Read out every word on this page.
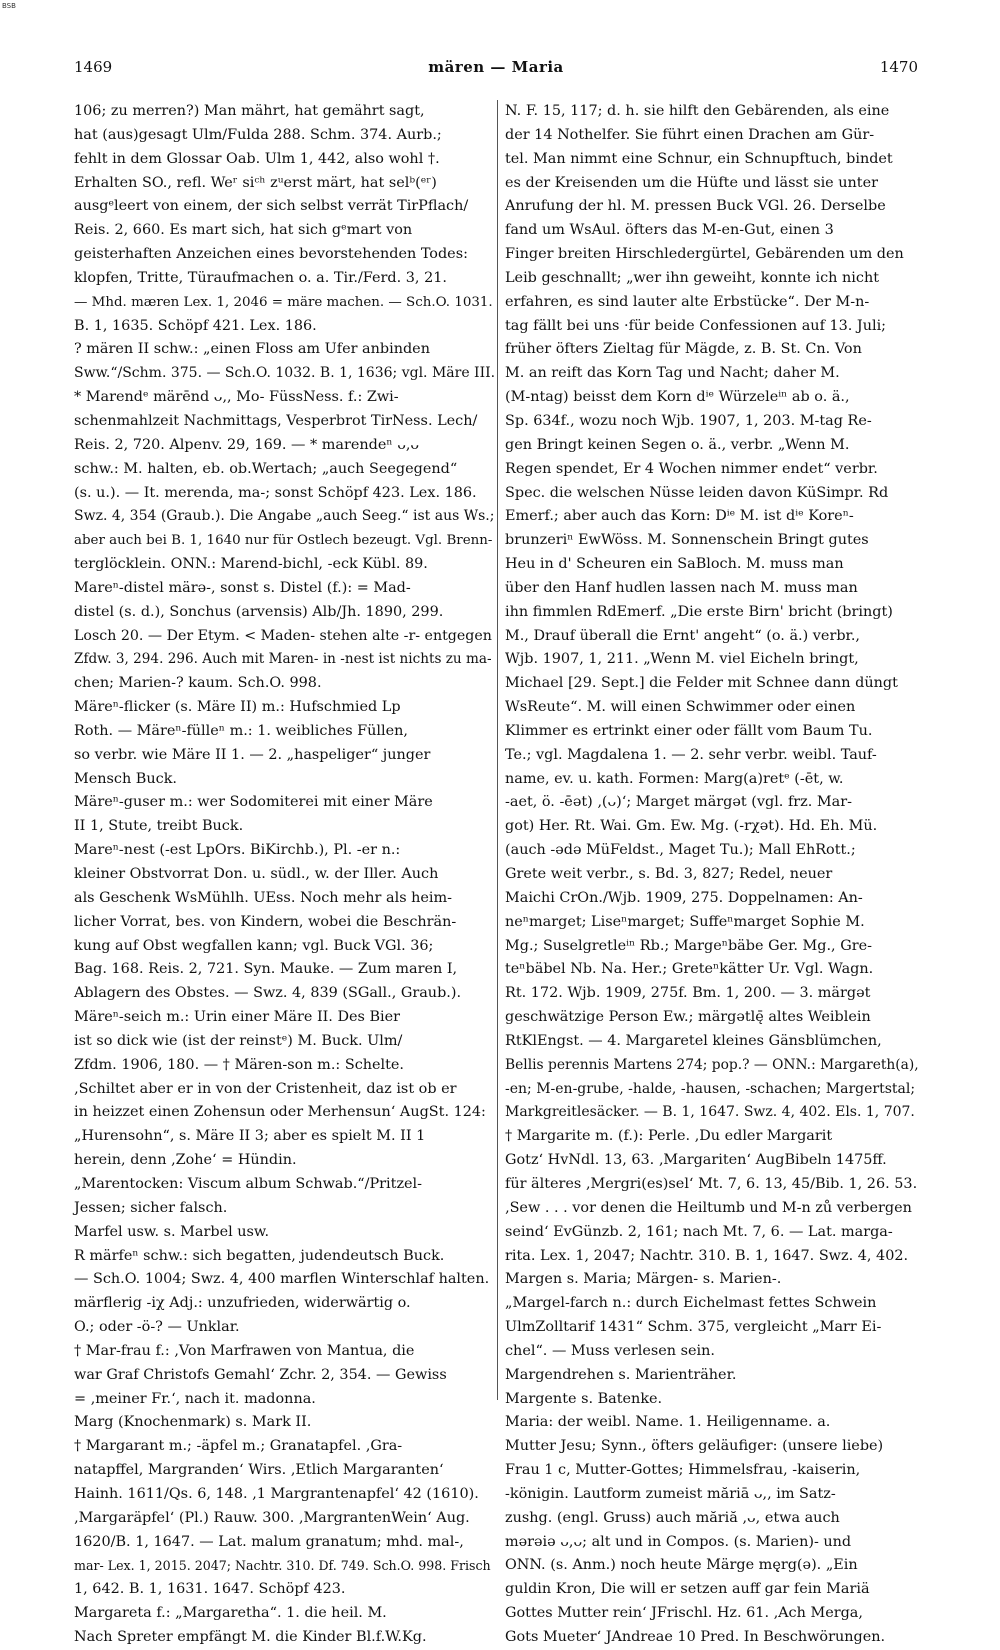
BSB
1469	mären — Maria	1470
106; zu merren?) Man mährt, hat gemährt sagt,
hat (aus)gesagt Ulm/Fulda 288. Schm. 374. Aurb.;
fehlt in dem Glossar Oab. Ulm 1, 442, also wohl †.
Erhalten SO., refl. Weʳ siᶜʰ zᵘerst märt, hat selᵇ(ᵉʳ)
ausgᵉleert von einem, der sich selbst verrät TirPflach/
Reis. 2, 660. Es mart sich, hat sich gᵉmart von
geisterhaften Anzeichen eines bevorstehenden Todes:
klopfen, Tritte, Türaufmachen o. a. Tir./Ferd. 3, 21.
— Mhd. mæren Lex. 1, 2046 = märe machen. — Sch.O. 1031.
B. 1, 1635. Schöpf 421. Lex. 186.
? mären II schw.: „einen Floss am Ufer anbinden
Sww.“/Schm. 375. — Sch.O. 1032. B. 1, 1636; vgl. Märe III.
* Marendᵉ märēnd ᴗ,, Mo- FüssNess. f.: Zwi-
schenmahlzeit Nachmittags, Vesperbrot TirNess. Lech/
Reis. 2, 720. Alpenv. 29, 169. — * marendeⁿ ᴗ,ᴗ
schw.: M. halten, eb. ob.Wertach; „auch Seegegend“
(s. u.). — It. merenda, ma-; sonst Schöpf 423. Lex. 186.
Swz. 4, 354 (Graub.). Die Angabe „auch Seeg.“ ist aus Ws.;
aber auch bei B. 1, 1640 nur für Ostlech bezeugt. Vgl. Brenn-
terglöcklein. ONN.: Marend-bichl, -eck Kübl. 89.
Mareⁿ-distel märə-, sonst s. Distel (f.): = Mad-
distel (s. d.), Sonchus (arvensis) Alb/Jh. 1890, 299.
Losch 20. — Der Etym. < Maden- stehen alte -r- entgegen
Zfdw. 3, 294. 296. Auch mit Maren- in -nest ist nichts zu ma-
chen; Marien-? kaum. Sch.O. 998.
Märeⁿ-flicker (s. Märe II) m.: Hufschmied Lp
Roth. — Märeⁿ-fülleⁿ m.: 1. weibliches Füllen,
so verbr. wie Märe II 1. — 2. „haspeliger“ junger
Mensch Buck.
Märeⁿ-guser m.: wer Sodomiterei mit einer Märe
II 1, Stute, treibt Buck.
Mareⁿ-nest (-est LpOrs. BiKirchb.), Pl. -er n.:
kleiner Obstvorrat Don. u. südl., w. der Iller. Auch
als Geschenk WsMühlh. UEss. Noch mehr als heim-
licher Vorrat, bes. von Kindern, wobei die Beschrän-
kung auf Obst wegfallen kann; vgl. Buck VGl. 36;
Bag. 168. Reis. 2, 721. Syn. Mauke. — Zum maren I,
Ablagern des Obstes. — Swz. 4, 839 (SGall., Graub.).
Märeⁿ-seich m.: Urin einer Märe II. Des Bier
ist so dick wie (ist der reinstᵉ) M. Buck. Ulm/
Zfdm. 1906, 180. — † Mären-son m.: Schelte.
‚Schiltet aber er in von der Cristenheit, daz ist ob er
in heizzet einen Zohensun oder Merhensun‘ AugSt. 124:
„Hurensohn“, s. Märe II 3; aber es spielt M. II 1
herein, denn ‚Zohe‘ = Hündin.
„Marentocken: Viscum album Schwab.“/Pritzel-
Jessen; sicher falsch.
Marfel usw. s. Marbel usw.
R märfeⁿ schw.: sich begatten, judendeutsch Buck.
— Sch.O. 1004; Swz. 4, 400 marflen Winterschlaf halten.
märflerig -iχ Adj.: unzufrieden, widerwärtig o.
O.; oder -ö-? — Unklar.
† Mar-frau f.: ‚Von Marfrawen von Mantua, die
war Graf Christofs Gemahl‘ Zchr. 2, 354. — Gewiss
= ‚meiner Fr.‘, nach it. madonna.
Marg (Knochenmark) s. Mark II.
† Margarant m.; -äpfel m.; Granatapfel. ‚Gra-
natapffel, Margranden‘ Wirs. ‚Etlich Margaranten‘
Hainh. 1611/Qs. 6, 148. ‚1 Margrantenapfel‘ 42 (1610).
‚Margaräpfel‘ (Pl.) Rauw. 300. ‚MargrantenWein‘ Aug.
1620/B. 1, 1647. — Lat. malum granatum; mhd. mal-,
mar- Lex. 1, 2015. 2047; Nachtr. 310. Df. 749. Sch.O. 998. Frisch
1, 642. B. 1, 1631. 1647. Schöpf 423.
Margareta f.: „Margaretha“. 1. die heil. M.
Nach Spreter empfängt M. die Kinder Bl.f.W.Kg.
N. F. 15, 117; d. h. sie hilft den Gebärenden, als eine
der 14 Nothelfer. Sie führt einen Drachen am Gür-
tel. Man nimmt eine Schnur, ein Schnupftuch, bindet
es der Kreisenden um die Hüfte und lässt sie unter
Anrufung der hl. M. pressen Buck VGl. 26. Derselbe
fand um WsAul. öfters das M-en-Gut, einen 3
Finger breiten Hirschledergürtel, Gebärenden um den
Leib geschnallt; „wer ihn geweiht, konnte ich nicht
erfahren, es sind lauter alte Erbstücke“. Der M-n-
tag fällt bei uns ·für beide Confessionen auf 13. Juli;
früher öfters Zieltag für Mägde, z. B. St. Cn. Von
M. an reift das Korn Tag und Nacht; daher M.
(M-ntag) beisst dem Korn dⁱᵉ Würzeleⁱⁿ ab o. ä.,
Sp. 634f., wozu noch Wjb. 1907, 1, 203. M-tag Re-
gen Bringt keinen Segen o. ä., verbr. „Wenn M.
Regen spendet, Er 4 Wochen nimmer endet“ verbr.
Spec. die welschen Nüsse leiden davon KüSimpr. Rd
Emerf.; aber auch das Korn: Dⁱᵉ M. ist dⁱᵉ Koreⁿ-
brunzeriⁿ EwWöss. M. Sonnenschein Bringt gutes
Heu in d' Scheuren ein SaBloch. M. muss man
über den Hanf hudlen lassen nach M. muss man
ihn fimmlen RdEmerf. „Die erste Birn' bricht (bringt)
M., Drauf überall die Ernt' angeht“ (o. ä.) verbr.,
Wjb. 1907, 1, 211. „Wenn M. viel Eicheln bringt,
Michael [29. Sept.] die Felder mit Schnee dann düngt
WsReute“. M. will einen Schwimmer oder einen
Klimmer es ertrinkt einer oder fällt vom Baum Tu.
Te.; vgl. Magdalena 1. — 2. sehr verbr. weibl. Tauf-
name, ev. u. kath. Formen: Marg(a)retᵉ (-ēt, w.
-aet, ö. -ēət) ‚(ᴗ)‘; Marget märgət (vgl. frz. Mar-
got) Her. Rt. Wai. Gm. Ew. Mg. (-rχət). Hd. Eh. Mü.
(auch -ədə MüFeldst., Maget Tu.); Mall EhRott.;
Grete weit verbr., s. Bd. 3, 827; Redel, neuer
Maichi CrOn./Wjb. 1909, 275. Doppelnamen: An-
neⁿmarget; Liseⁿmarget; Suffeⁿmarget Sophie M.
Mg.; Suselgretleⁱⁿ Rb.; Margeⁿbäbe Ger. Mg., Gre-
teⁿbäbel Nb. Na. Her.; Greteⁿkätter Ur. Vgl. Wagn.
Rt. 172. Wjb. 1909, 275f. Bm. 1, 200. — 3. märgət
geschwätzige Person Ew.; märgətlę̄ altes Weiblein
RtKlEngst. — 4. Margaretel kleines Gänsblümchen,
Bellis perennis Martens 274; pop.? — ONN.: Margareth(a),
-en; M-en-grube, -halde, -hausen, -schachen; Margertstal;
Markgreitlesäcker. — B. 1, 1647. Swz. 4, 402. Els. 1, 707.
† Margarite m. (f.): Perle. ‚Du edler Margarit
Gotz‘ HvNdl. 13, 63. ‚Margariten‘ AugBibeln 1475ff.
für älteres ‚Mergri(es)sel‘ Mt. 7, 6. 13, 45/Bib. 1, 26. 53.
‚Sew . . . vor denen die Heiltumb und M-n zů verbergen
seind‘ EvGünzb. 2, 161; nach Mt. 7, 6. — Lat. marga-
rita. Lex. 1, 2047; Nachtr. 310. B. 1, 1647. Swz. 4, 402.
Margen s. Maria; Märgen- s. Marien-.
„Margel-farch n.: durch Eichelmast fettes Schwein
UlmZolltarif 1431“ Schm. 375, vergleicht „Marr Ei-
chel“. — Muss verlesen sein.
Margendrehen s. Marienträher.
Margente s. Batenke.
Maria: der weibl. Name. 1. Heiligenname. a.
Mutter Jesu; Synn., öfters geläufiger: (unsere liebe)
Frau 1 c, Mutter-Gottes; Himmelsfrau, -kaiserin,
-königin. Lautform zumeist măriā ᴗ,, im Satz-
zushg. (engl. Gruss) auch măriă ,ᴗ, etwa auch
mərəiə ᴗ,ᴗ; alt und in Compos. (s. Marien)- und
ONN. (s. Anm.) noch heute Märge mę̨rg(ə). „Ein
guldin Kron, Die will er setzen auff gar fein Mariä
Gottes Mutter rein‘ JFrischl. Hz. 61. ‚Ach Merga,
Gots Mueter‘ JAndreae 10 Pred. In Beschwörungen.
